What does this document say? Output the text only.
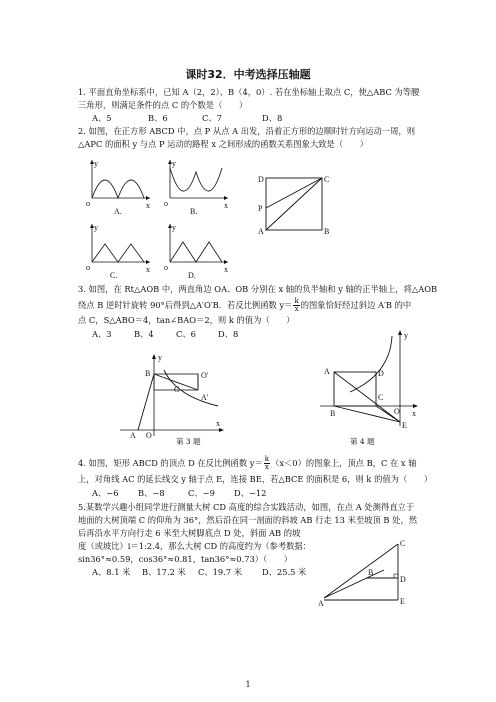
课时32．中考选择压轴题
1. 平面直角坐标系中，已知 A（2，2）、B（4，0）. 若在坐标轴上取点 C，使△ABC 为等腰
三角形，则满足条件的点 C 的个数是（　　）
A、5	B、6	C、7	D、8
2. 如图，在正方形 ABCD 中，点 P 从点 A 出发，沿着正方形的边顺时针方向运动一周，则
△APC 的面积 y 与点 P 运动的路程 x 之间形成的函数关系图象大致是（　　）
y
o	x
A.
y
o	x
B.
D	C
P
A	B
y
o	x
C.
y
o	x
D.
3. 如图，在 Rt△AOB 中，两直角边 OA、OB 分别在 x 轴的负半轴和 y 轴的正半轴上，将△AOB
绕点 B 逆时针旋转 90°后得到△A′O′B．若反比例函数 $y= \frac{k}{x}$ 的图象恰好经过斜边 A′B 的中
点 C，S△ABO＝4，tan∠BAO＝2，则 k 的值为（　　）
A、3	B、4	C、6	D、8
B	O′
C
A′
A O
x
y
第 3 题
y
A	D
C
B	O x
E
第 4 题
4. 如图，矩形 ABCD 的顶点 D 在反比例函数 $y= \frac{k}{x} (x<0)$的图象上，顶点 B，C 在 x 轴
上，对角线 AC 的延长线交 y 轴于点 E，连接 BE，若△BCE 的面积是 6，则 k 的值为（　　）
A、−6 B、−8	C、−9 D、−12
5.某数学兴趣小组同学进行测量大树 CD 高度的综合实践活动，如图，在点 A 处测得直立于
地面的大树顶端 C 的仰角为 36°，然后沿在同一剖面的斜坡 AB 行走 13 米至坡顶 B 处，然
后再沿水平方向行走 6 米至大树脚底点 D 处，斜面 AB 的坡
度（或坡比）i＝1:2.4，那么大树 CD 的高度约为（参考数据：
sin36°≈0.59，cos36°≈0.81，tan36°≈0.73）（　　）
A、8.1 米 B、17.2 米 C、19.7 米 D、25.5 米
C
B
A
D
E
1
